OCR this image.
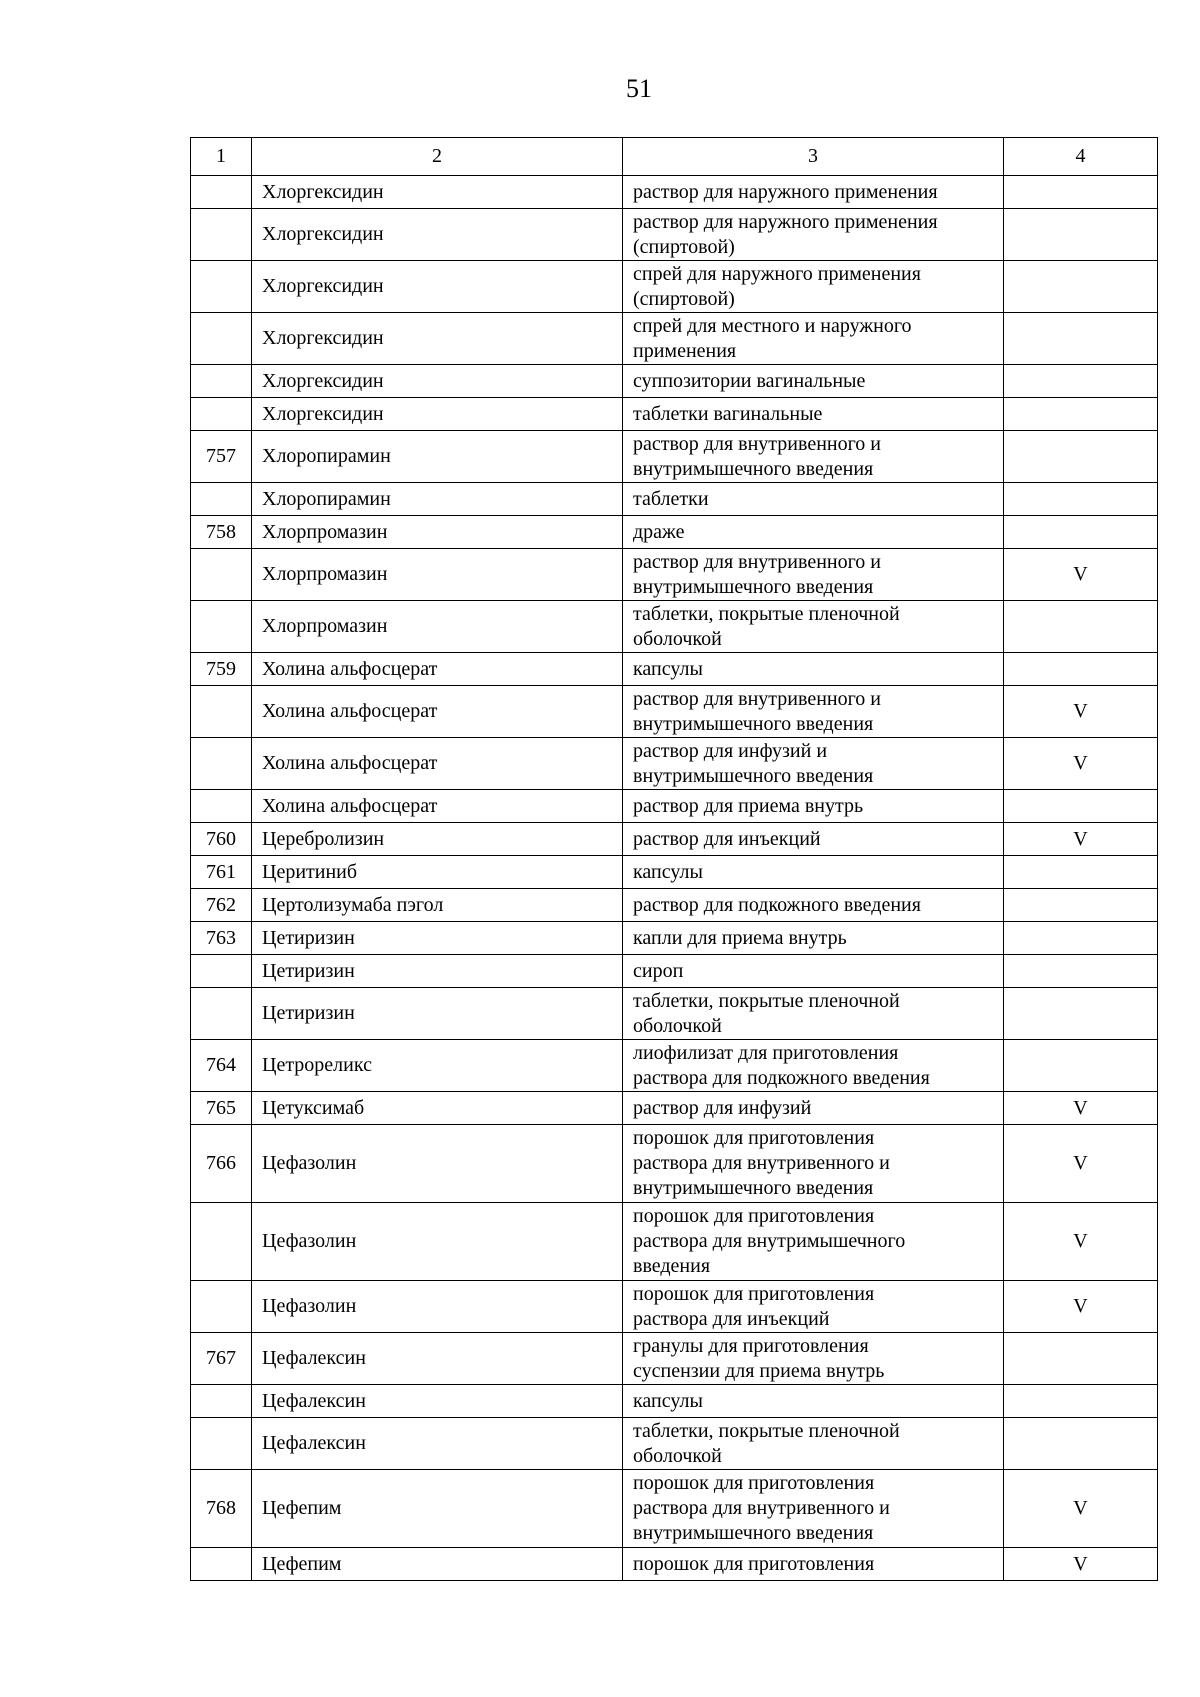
51
1	2	3	4
	Хлоргексидин	раствор для наружного применения	
	Хлоргексидин	раствор для наружного применения
(спиртовой)	
	Хлоргексидин	спрей для наружного применения
(спиртовой)	
	Хлоргексидин	спрей для местного и наружного
применения	
	Хлоргексидин	суппозитории вагинальные	
	Хлоргексидин	таблетки вагинальные	
757	Хлоропирамин	раствор для внутривенного и
внутримышечного введения	
	Хлоропирамин	таблетки	
758	Хлорпромазин	драже	
	Хлорпромазин	раствор для внутривенного и
внутримышечного введения	V
	Хлорпромазин	таблетки, покрытые пленочной
оболочкой	
759	Холина альфосцерат	капсулы	
	Холина альфосцерат	раствор для внутривенного и
внутримышечного введения	V
	Холина альфосцерат	раствор для инфузий и
внутримышечного введения	V
	Холина альфосцерат	раствор для приема внутрь	
760	Церебролизин	раствор для инъекций	V
761	Церитиниб	капсулы	
762	Цертолизумаба пэгол	раствор для подкожного введения	
763	Цетиризин	капли для приема внутрь	
	Цетиризин	сироп	
	Цетиризин	таблетки, покрытые пленочной
оболочкой	
764	Цетрореликс	лиофилизат для приготовления
раствора для подкожного введения	
765	Цетуксимаб	раствор для инфузий	V
766	Цефазолин	порошок для приготовления
раствора для внутривенного и
внутримышечного введения	V
	Цефазолин	порошок для приготовления
раствора для внутримышечного
введения	V
	Цефазолин	порошок для приготовления
раствора для инъекций	V
767	Цефалексин	гранулы для приготовления
суспензии для приема внутрь	
	Цефалексин	капсулы	
	Цефалексин	таблетки, покрытые пленочной
оболочкой	
768	Цефепим	порошок для приготовления
раствора для внутривенного и
внутримышечного введения	V
	Цефепим	порошок для приготовления	V
